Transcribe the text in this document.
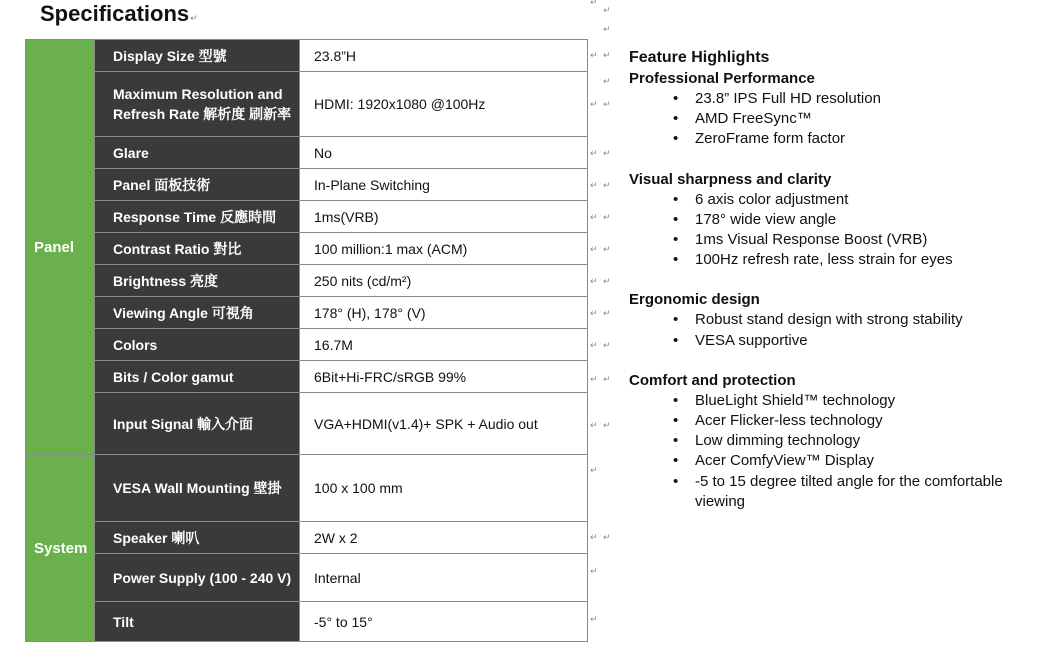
Specifications↵
Panel	Display Size 型號	23.8”H
	Maximum Resolution and Refresh Rate 解析度 刷新率	HDMI: 1920x1080 @100Hz
	Glare	No
	Panel 面板技術	In-Plane Switching
	Response Time 反應時間	1ms(VRB)
	Contrast Ratio 對比	100 million:1 max (ACM)
	Brightness 亮度	250 nits (cd/m²)
	Viewing Angle 可視角	178° (H), 178° (V)
	Colors	16.7M
	Bits / Color gamut	6Bit+Hi-FRC/sRGB 99%
	Input Signal 輸入介面	VGA+HDMI(v1.4)+ SPK + Audio out
System	VESA Wall Mounting 壁掛	100 x 100 mm
	Speaker 喇叭	2W x 2
	Power Supply (100 - 240 V)	Internal
	Tilt	-5° to 15°
↵
↵
↵
↵ ↵
↵
↵ ↵
↵ ↵
↵ ↵
↵ ↵
↵ ↵
↵ ↵
↵ ↵
↵ ↵
↵ ↵
↵ ↵
↵
↵ ↵
↵
↵
Feature Highlights
Professional Performance
• 23.8” IPS Full HD resolution
• AMD FreeSync™
• ZeroFrame form factor
Visual sharpness and clarity
• 6 axis color adjustment
• 178° wide view angle
• 1ms Visual Response Boost (VRB)
• 100Hz refresh rate, less strain for eyes
Ergonomic design
• Robust stand design with strong stability
• VESA supportive
Comfort and protection
• BlueLight Shield™ technology
• Acer Flicker-less technology
• Low dimming technology
• Acer ComfyView™ Display
• -5 to 15 degree tilted angle for the comfortable viewing
